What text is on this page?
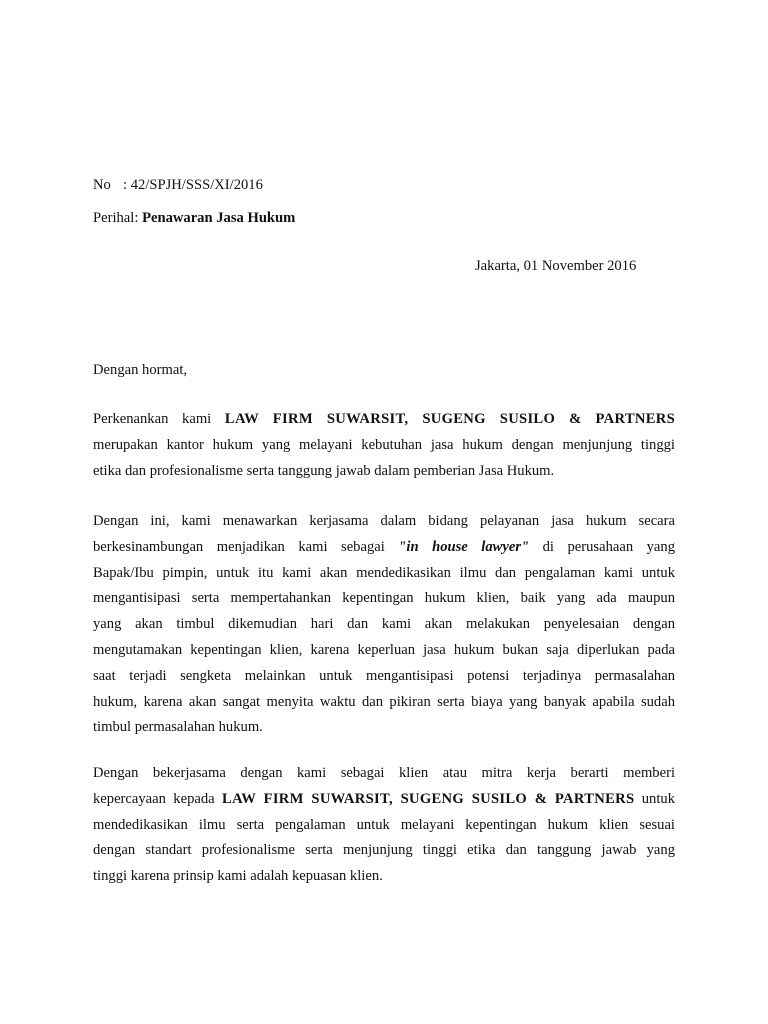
No : 42/SPJH/SSS/XI/2016
Perihal: Penawaran Jasa Hukum
Jakarta, 01 November 2016
Dengan hormat,
Perkenankan kami LAW FIRM SUWARSIT, SUGENG SUSILO & PARTNERS
merupakan kantor hukum yang melayani kebutuhan jasa hukum dengan menjunjung tinggi
etika dan profesionalisme serta tanggung jawab dalam pemberian Jasa Hukum.
Dengan ini, kami menawarkan kerjasama dalam bidang pelayanan jasa hukum secara
berkesinambungan menjadikan kami sebagai "in house lawyer" di perusahaan yang
Bapak/Ibu pimpin, untuk itu kami akan mendedikasikan ilmu dan pengalaman kami untuk
mengantisipasi serta mempertahankan kepentingan hukum klien, baik yang ada maupun
yang akan timbul dikemudian hari dan kami akan melakukan penyelesaian dengan
mengutamakan kepentingan klien, karena keperluan jasa hukum bukan saja diperlukan pada
saat terjadi sengketa melainkan untuk mengantisipasi potensi terjadinya permasalahan
hukum, karena akan sangat menyita waktu dan pikiran serta biaya yang banyak apabila sudah
timbul permasalahan hukum.
Dengan bekerjasama dengan kami sebagai klien atau mitra kerja berarti memberi
kepercayaan kepada LAW FIRM SUWARSIT, SUGENG SUSILO & PARTNERS untuk
mendedikasikan ilmu serta pengalaman untuk melayani kepentingan hukum klien sesuai
dengan standart profesionalisme serta menjunjung tinggi etika dan tanggung jawab yang
tinggi karena prinsip kami adalah kepuasan klien.
